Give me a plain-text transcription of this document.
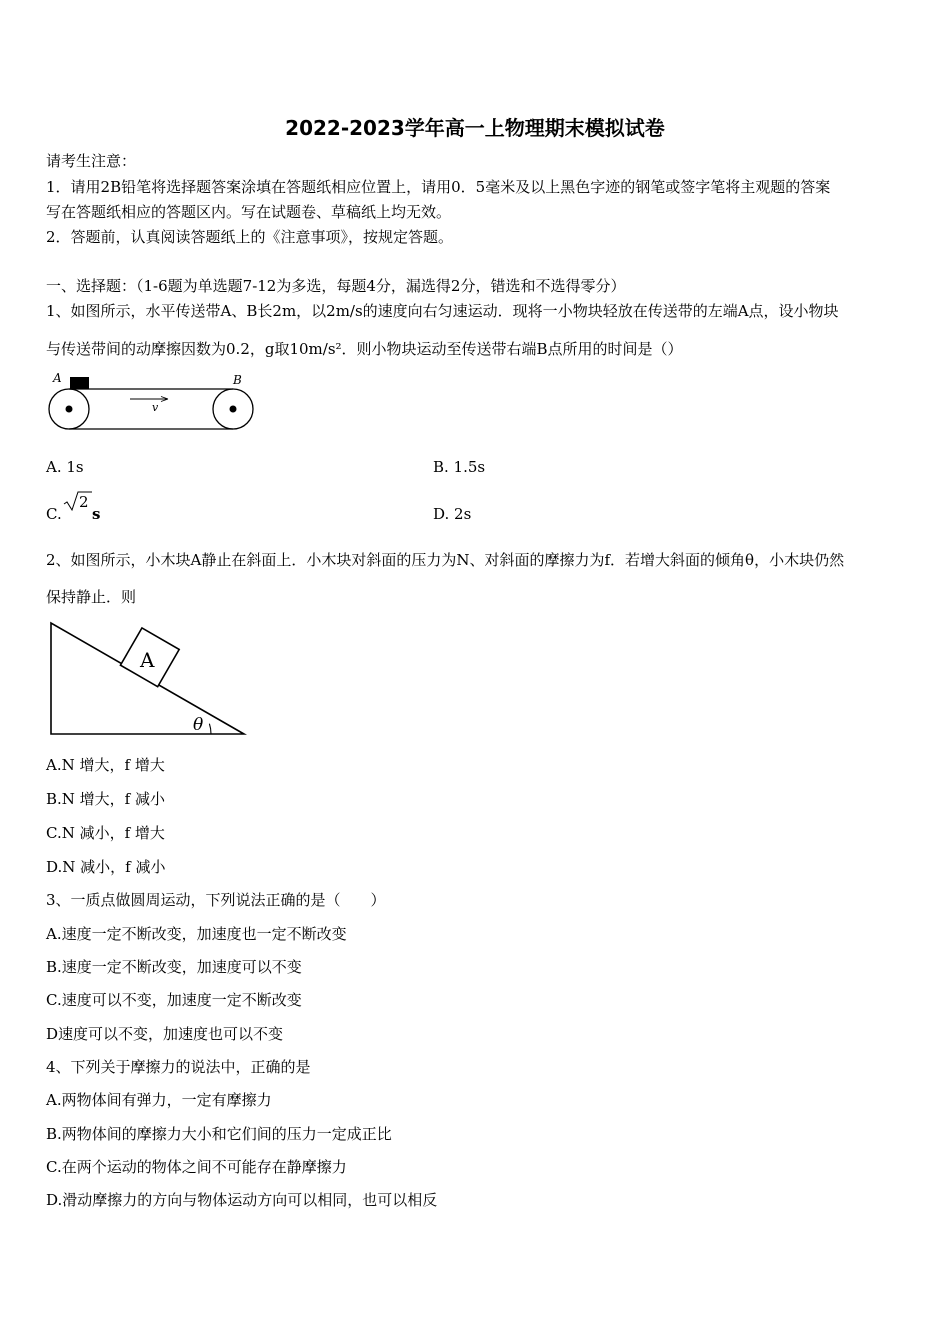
2022-2023学年高一上物理期末模拟试卷
请考生注意：
1．请用2B铅笔将选择题答案涂填在答题纸相应位置上，请用0．5毫米及以上黑色字迹的钢笔或签字笔将主观题的答案
写在答题纸相应的答题区内。写在试题卷、草稿纸上均无效。
2．答题前，认真阅读答题纸上的《注意事项》，按规定答题。
一、选择题：（1-6题为单选题7-12为多选，每题4分，漏选得2分，错选和不选得零分）
1、如图所示，水平传送带A、B长2m，以2m/s的速度向右匀速运动．现将一小物块轻放在传送带的左端A点，设小物块
与传送带间的动摩擦因数为0.2，g取10m/s²．则小物块运动至传送带右端B点所用的时间是（）
A	B
v
A. 1s	B. 1.5s
C.
2
s	D. 2s
2、如图所示，小木块A静止在斜面上．小木块对斜面的压力为N、对斜面的摩擦力为f．若增大斜面的倾角θ，小木块仍然
保持静止．则
θ
A
A.N 增大，f 增大
B.N 增大，f 减小
C.N 减小，f 增大
D.N 减小，f 减小
3、一质点做圆周运动，下列说法正确的是（　　）
A.速度一定不断改变，加速度也一定不断改变
B.速度一定不断改变，加速度可以不变
C.速度可以不变，加速度一定不断改变
D速度可以不变，加速度也可以不变
4、下列关于摩擦力的说法中，正确的是
A.两物体间有弹力，一定有摩擦力
B.两物体间的摩擦力大小和它们间的压力一定成正比
C.在两个运动的物体之间不可能存在静摩擦力
D.滑动摩擦力的方向与物体运动方向可以相同，也可以相反
